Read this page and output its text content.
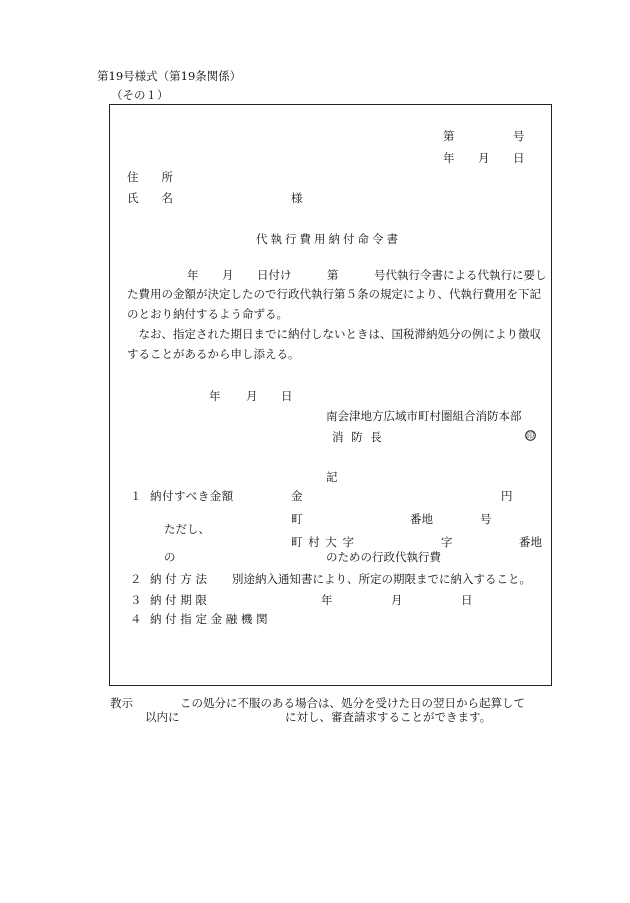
第19号様式（第19条関係）
（その１）
第	号
年 月 日
住　　所
氏　　名	様
代執行費用納付命令書
年 月 日付け	第	号代執行令書による代執行に要し
た費用の金額が決定したので行政代執行第５条の規定により、代執行費用を下記のとおり納付するよう命ずる。
なお、指定された期日までに納付しないときは、国税滞納処分の例により徴収することがあるから申し添える。
年 月 日
南会津地方広域市町村圏組合消防本部
消 防 長	印
記
１ 納付すべき金額	金	円
町	番地	号
ただし、
町 村 大 字	字	番地
の	のための行政代執行費
２ 納 付 方 法 別途納入通知書により、所定の期限までに納入すること。
３ 納 付 期 限	年	月	日
４ 納 付 指 定 金 融 機 関
教示	この処分に不服のある場合は、処分を受けた日の翌日から起算して
以内に	に対し、審査請求することができます。
